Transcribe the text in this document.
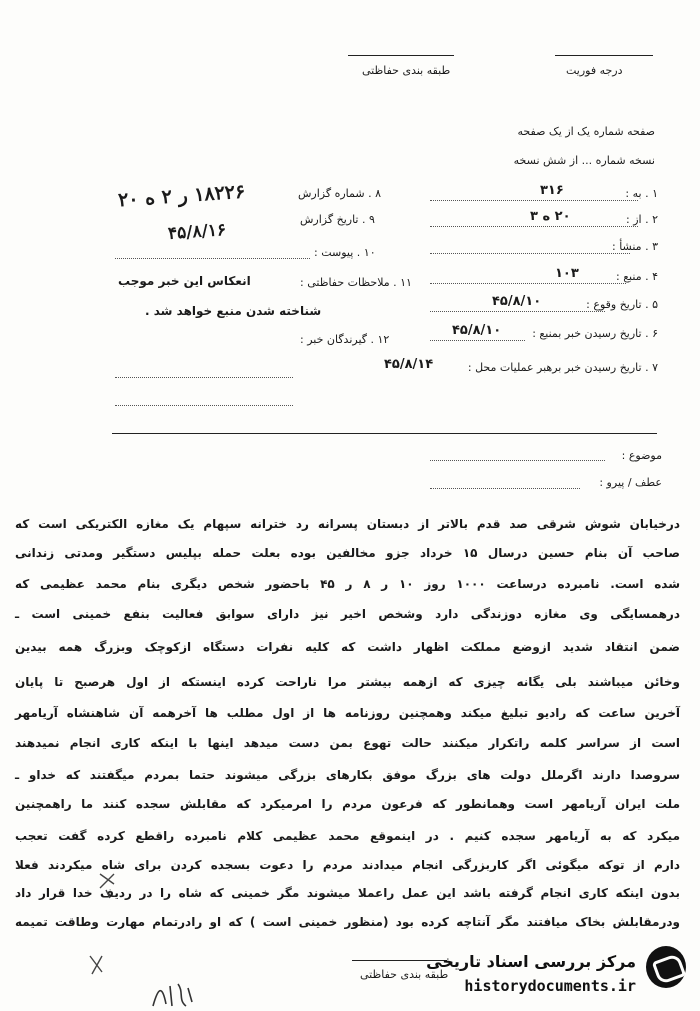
درجه فوریت
طبقه بندی حفاظتی
صفحه شماره یک از یک صفحه
نسخه شماره ... از شش نسخه
۱ . به :
۳۱۶
۲ . از :
۲۰ ه ۳
۳ . منشأ :
۴ . منبع :
۱۰۳
۵ . تاریخ وقوع :
۴۵/۸/۱۰
۶ . تاریخ رسیدن خبر بمنبع :
۴۵/۸/۱۰
۷ . تاریخ رسیدن خبر برهبر عملیات محل :
۴۵/۸/۱۴
۸ . شماره گزارش
۱۸۲۲۶ ر ۲ ه ۲۰
۹ . تاریخ گزارش
۴۵/۸/۱۶
۱۰ . پیوست :
۱۱ . ملاحظات حفاظتی :
انعکاس این خبر موجب
شناخته شدن منبع خواهد شد .
۱۲ . گیرندگان خبر :
موضوع :
عطف / پیرو :
درخیابان شوش شرقی صد قدم بالاتر از دبستان پسرانه رد خترانه سپهام یک مغازه الکتریکی است که
صاحب آن بنام حسین درسال ۱۵ خرداد جزو مخالفین بوده بعلت حمله بپلیس دستگیر ومدتی زندانی
شده است. نامبرده درساعت ۱۰۰۰ روز ۱۰ ر ۸ ر ۴۵ باحضور شخص دیگری بنام محمد عظیمی که
درهمسایگی وی مغازه دوزندگی دارد وشخص اخیر نیز دارای سوابق فعالیت بنفع خمینی است ـ
ضمن انتقاد شدید ازوضع مملکت اظهار داشت که کلیه نفرات دستگاه ازکوچک وبزرگ همه بیدین
وخائن میباشند بلی یگانه چیزی که ازهمه بیشتر مرا ناراحت کرده اینستکه از اول هرصبح تا پایان
آخرین ساعت که رادیو تبلیغ میکند وهمچنین روزنامه ها از اول مطلب ها آخرهمه آن شاهنشاه آریامهر
است از سراسر کلمه راتکرار میکنند حالت تهوع بمن دست میدهد اینها با اینکه کاری انجام نمیدهند
سروصدا دارند اگرملل دولت های بزرگ موفق بکارهای بزرگی میشوند حتما بمردم میگفتند که خداو ـ
ملت ایران آریامهر است وهمانطور که فرعون مردم را امرمیکرد که مقابلش سجده کنند ما راهمچنین
میکرد که به آریامهر سجده کنیم . در اینموقع محمد عظیمی کلام نامبرده راقطع کرده گفت تعجب
دارم از توکه میگوئی اگر کاربزرگی انجام میدادند مردم را دعوت بسجده کردن برای شاه میکردند فعلا
بدون اینکه کاری انجام گرفته باشد این عمل راعملا میشوند مگر خمینی که شاه را در ردیف خدا قرار داد
ودرمقابلش بخاک میافتند مگر آنتاچه کرده بود (منظور خمینی است ) که او رادرتمام مهارت وطاقت تمیمه
طبقه بندی حفاظتی
مرکز بررسی اسناد تاریخی
historydocuments.ir
